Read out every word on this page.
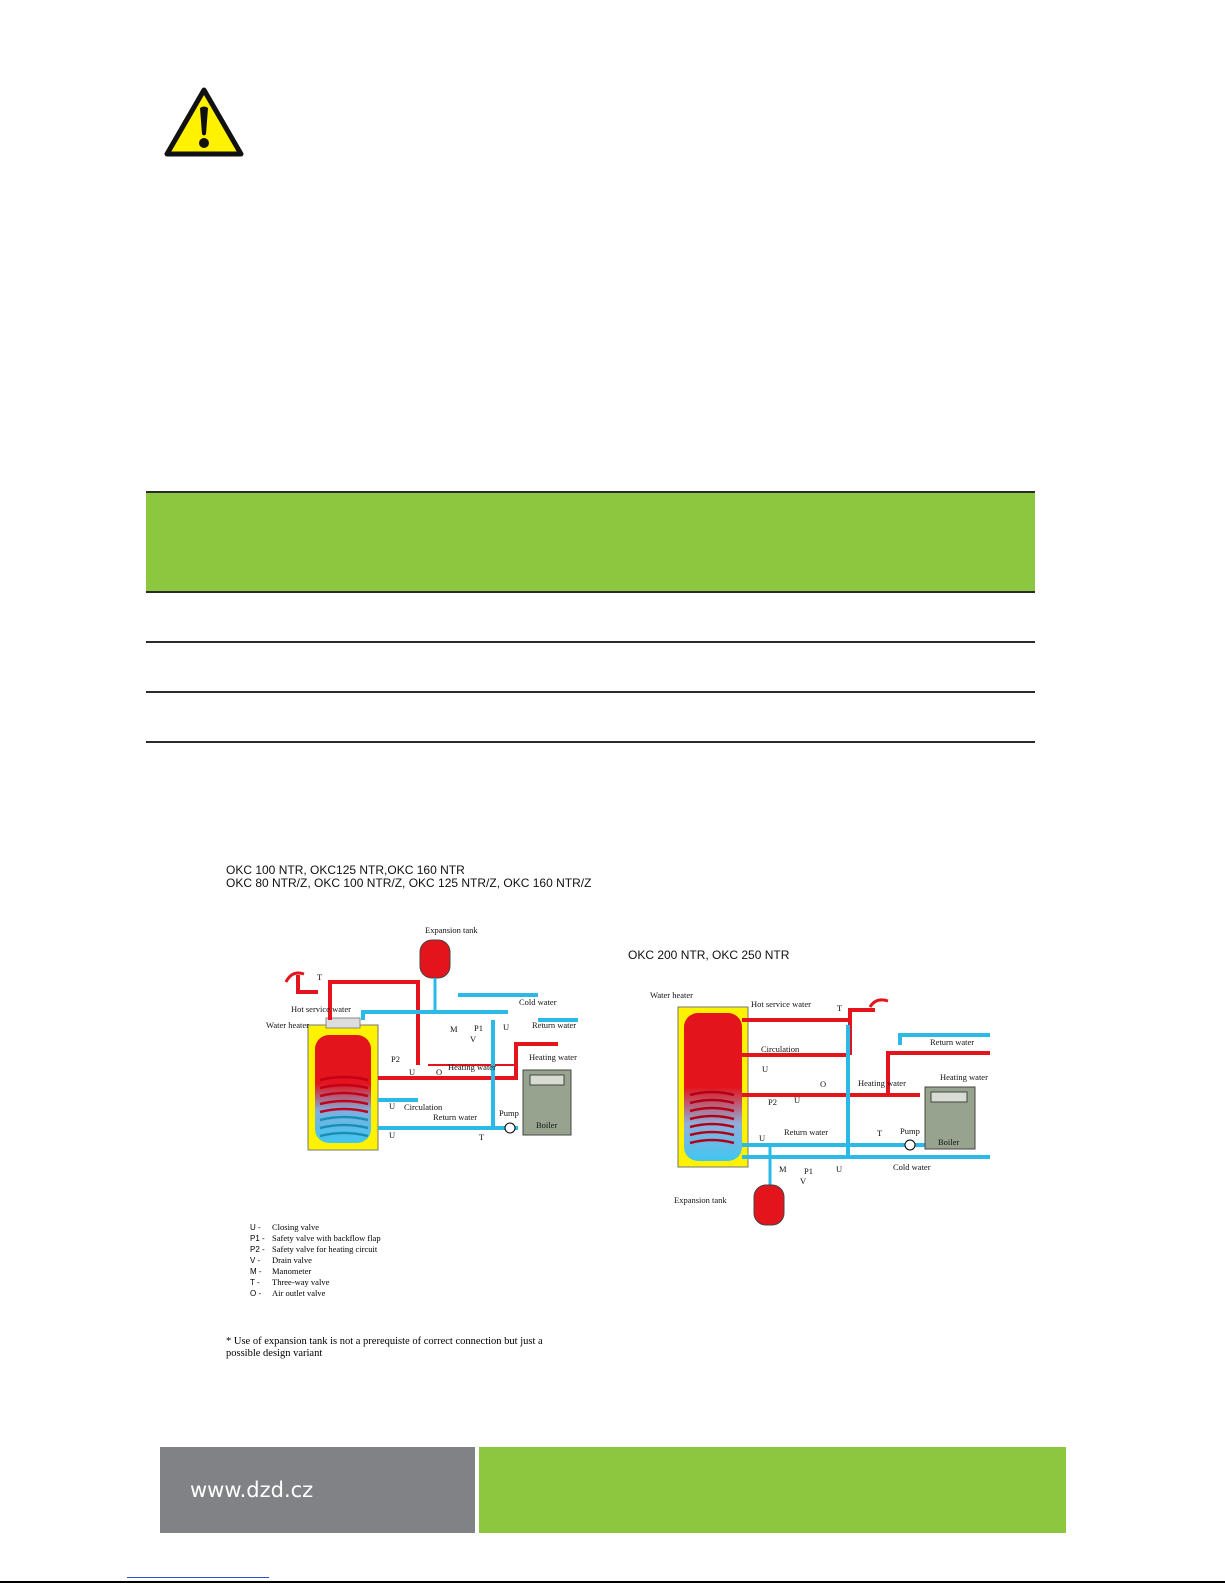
OKC 100 NTR, OKC125 NTR,OKC 160 NTR
OKC 80 NTR/Z, OKC 100 NTR/Z, OKC 125 NTR/Z, OKC 160 NTR/Z
Expansion tank
T
Hot service water
Water heater
Cold water
M P1
V
U	Return water
Heating water
P2
U O Heating water
U Circulation
Return water	Pump
T
U
Boiler
OKC 200 NTR, OKC 250 NTR
Water heater
Hot service water	T
Return water
Circulation
U
Heating water
Heating water
O
P2 U
U
Return water	T Pump
Boiler
M P1
V
U	Cold water
Expansion tank
U -	Closing valve
P1 - Safety valve with backflow flap
P2 - Safety valve for heating circuit
V -	Drain valve
M -	Manometer
T -	Three-way valve
O -	Air outlet valve
* Use of expansion tank is not a prerequiste of correct connection but just a possible design variant
www.dzd.cz
